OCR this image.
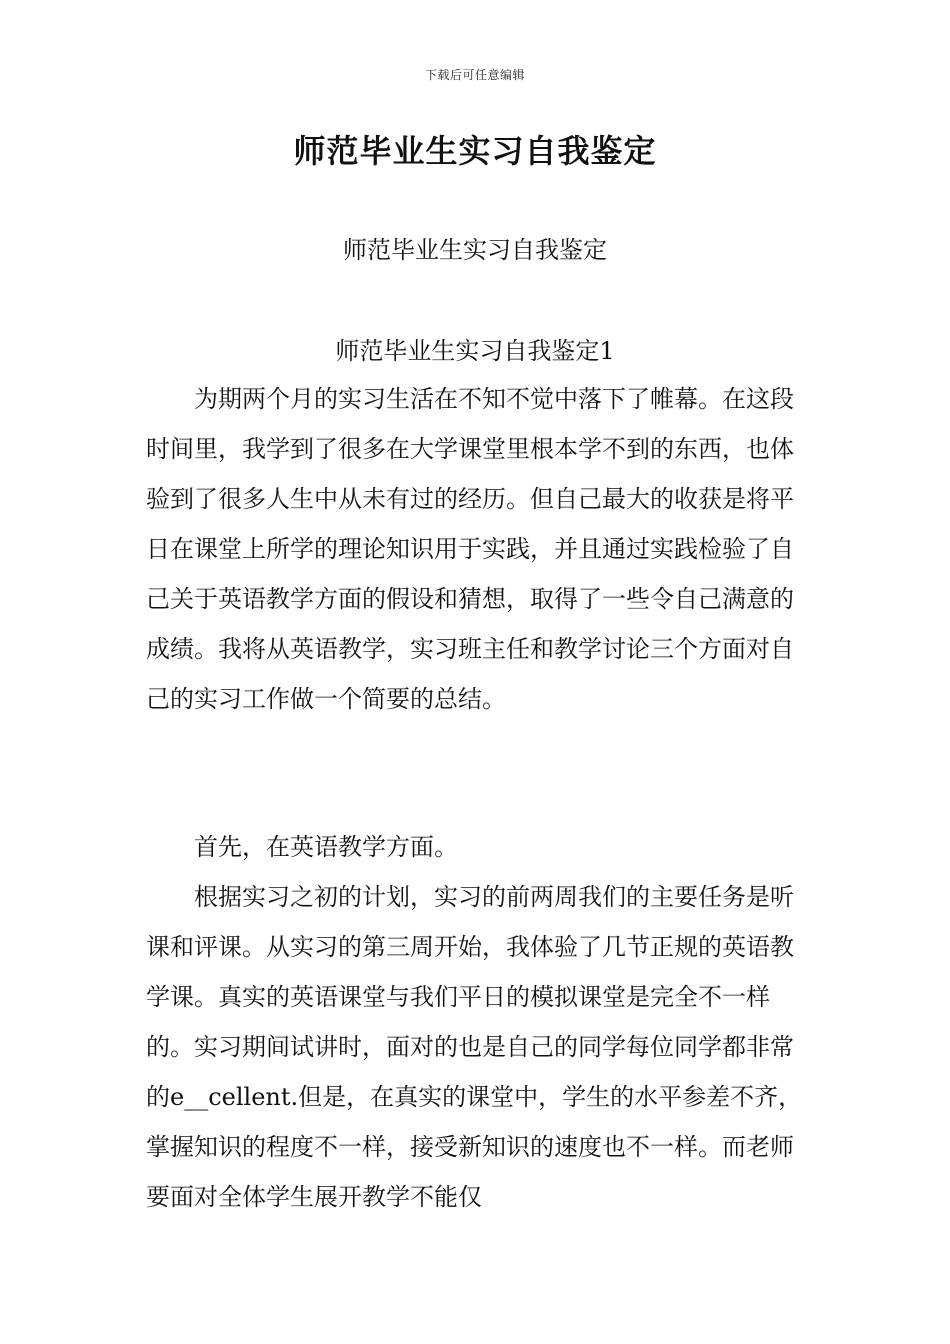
下载后可任意编辑
师范毕业生实习自我鉴定

师范毕业生实习自我鉴定

师范毕业生实习自我鉴定1

为期两个月的实习生活在不知不觉中落下了帷幕。在这段时间里，我学到了很多在大学课堂里根本学不到的东西，也体验到了很多人生中从未有过的经历。但自己最大的收获是将平日在课堂上所学的理论知识用于实践，并且通过实践检验了自己关于英语教学方面的假设和猜想，取得了一些令自己满意的成绩。我将从英语教学，实习班主任和教学讨论三个方面对自己的实习工作做一个简要的总结。

首先，在英语教学方面。

根据实习之初的计划，实习的前两周我们的主要任务是听课和评课。从实习的第三周开始，我体验了几节正规的英语教学课。真实的英语课堂与我们平日的模拟课堂是完全不一样的。实习期间试讲时，面对的也是自己的同学每位同学都非常的e__cellent.但是，在真实的课堂中，学生的水平参差不齐，掌握知识的程度不一样，接受新知识的速度也不一样。而老师要面对全体学生展开教学不能仅
